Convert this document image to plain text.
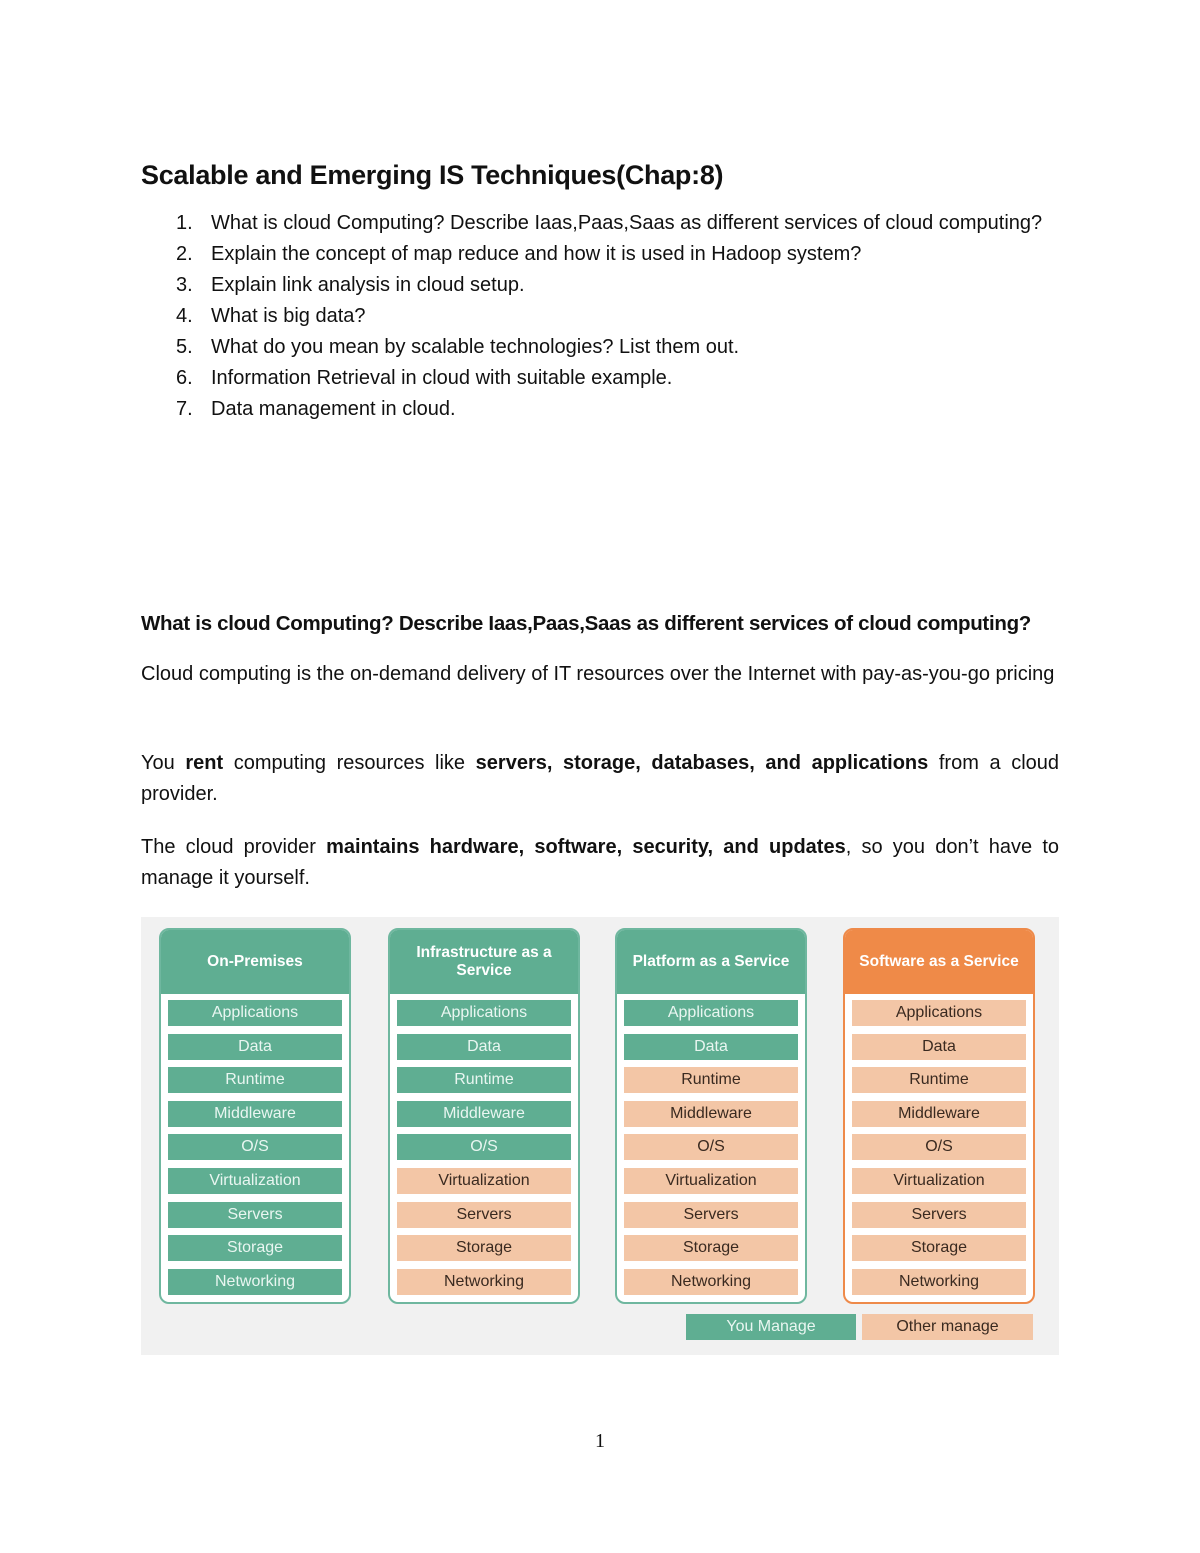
Scalable and Emerging IS Techniques(Chap:8)
1. What is cloud Computing? Describe Iaas,Paas,Saas as different services of cloud computing?
2. Explain the concept of map reduce and how it is used in Hadoop system?
3. Explain link analysis in cloud setup.
4. What is big data?
5. What do you mean by scalable technologies? List them out.
6. Information Retrieval in cloud with suitable example.
7. Data management in cloud.
What is cloud Computing? Describe Iaas,Paas,Saas as different services of cloud computing?

Cloud computing is the on-demand delivery of IT resources over the Internet with pay-as-you-go pricing

You rent computing resources like servers, storage, databases, and applications from a cloud provider.

The cloud provider maintains hardware, software, security, and updates, so you don’t have to manage it yourself.

On-Premises
Applications
Data
Runtime
Middleware
O/S
Virtualization
Servers
Storage
Networking
Infrastructure as a Service
Applications
Data
Runtime
Middleware
O/S
Virtualization
Servers
Storage
Networking
Platform as a Service
Applications
Data
Runtime
Middleware
O/S
Virtualization
Servers
Storage
Networking
Software as a Service
Applications
Data
Runtime
Middleware
O/S
Virtualization
Servers
Storage
Networking
You Manage	Other manage
1
